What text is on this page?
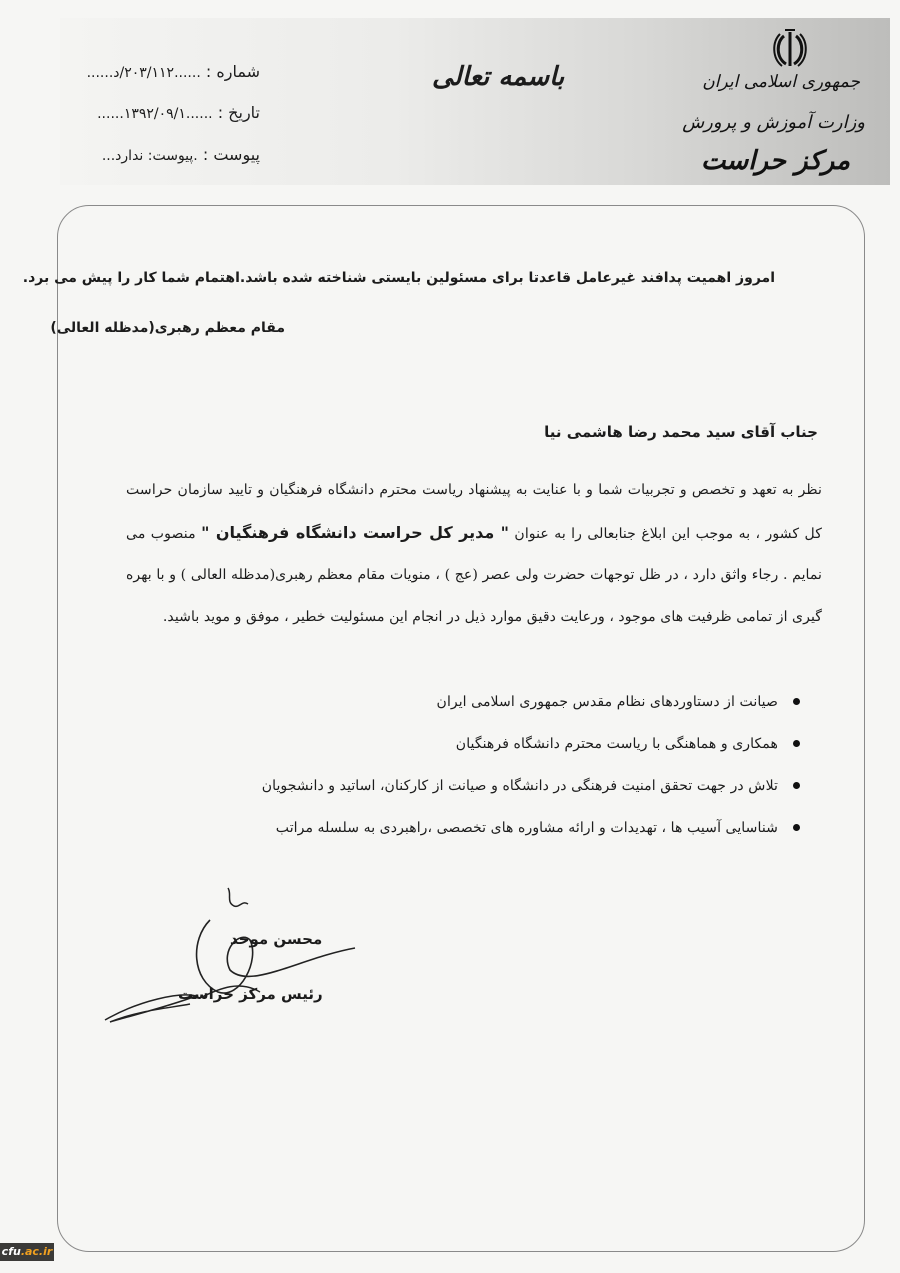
جمهوری اسلامی ایران
وزارت آموزش و پرورش
مرکز حراست
باسمه تعالی
شماره : ......۲۰۳/۱۱۲/د......
تاریخ : ......۱۳۹۲/۰۹/۱......
پیوست : .پیوست: ندارد...
امروز اهمیت پدافند غیرعامل قاعدتا برای مسئولین بایستی شناخته شده باشد.اهتمام شما کار را پیش می برد.
مقام معظم رهبری(مدظله العالی)
جناب آقای سید محمد رضا هاشمی نیا
نظر به تعهد و تخصص و تجربیات شما و با عنایت به پیشنهاد ریاست محترم دانشگاه فرهنگیان و تایید سازمان حراست کل کشور ، به موجب این ابلاغ جنابعالی را به عنوان " مدیر کل حراست دانشگاه فرهنگیان " منصوب می نمایم . رجاء واثق دارد ، در ظل توجهات حضرت ولی عصر (عج ) ، منویات مقام معظم رهبری(مدظله العالی ) و با بهره گیری از تمامی ظرفیت های موجود ، ورعایت دقیق موارد ذیل در انجام این مسئولیت خطیر ، موفق و موید باشید.
صیانت از دستاوردهای نظام مقدس جمهوری اسلامی ایران
همکاری و هماهنگی با ریاست محترم دانشگاه فرهنگیان
تلاش در جهت تحقق امنیت فرهنگی در دانشگاه و صیانت از کارکنان، اساتید و دانشجویان
شناسایی آسیب ها ، تهدیدات و ارائه مشاوره های تخصصی ،راهبردی به سلسله مراتب
محسن موحد
رئیس مرکز حراست
cfu.ac.ir
